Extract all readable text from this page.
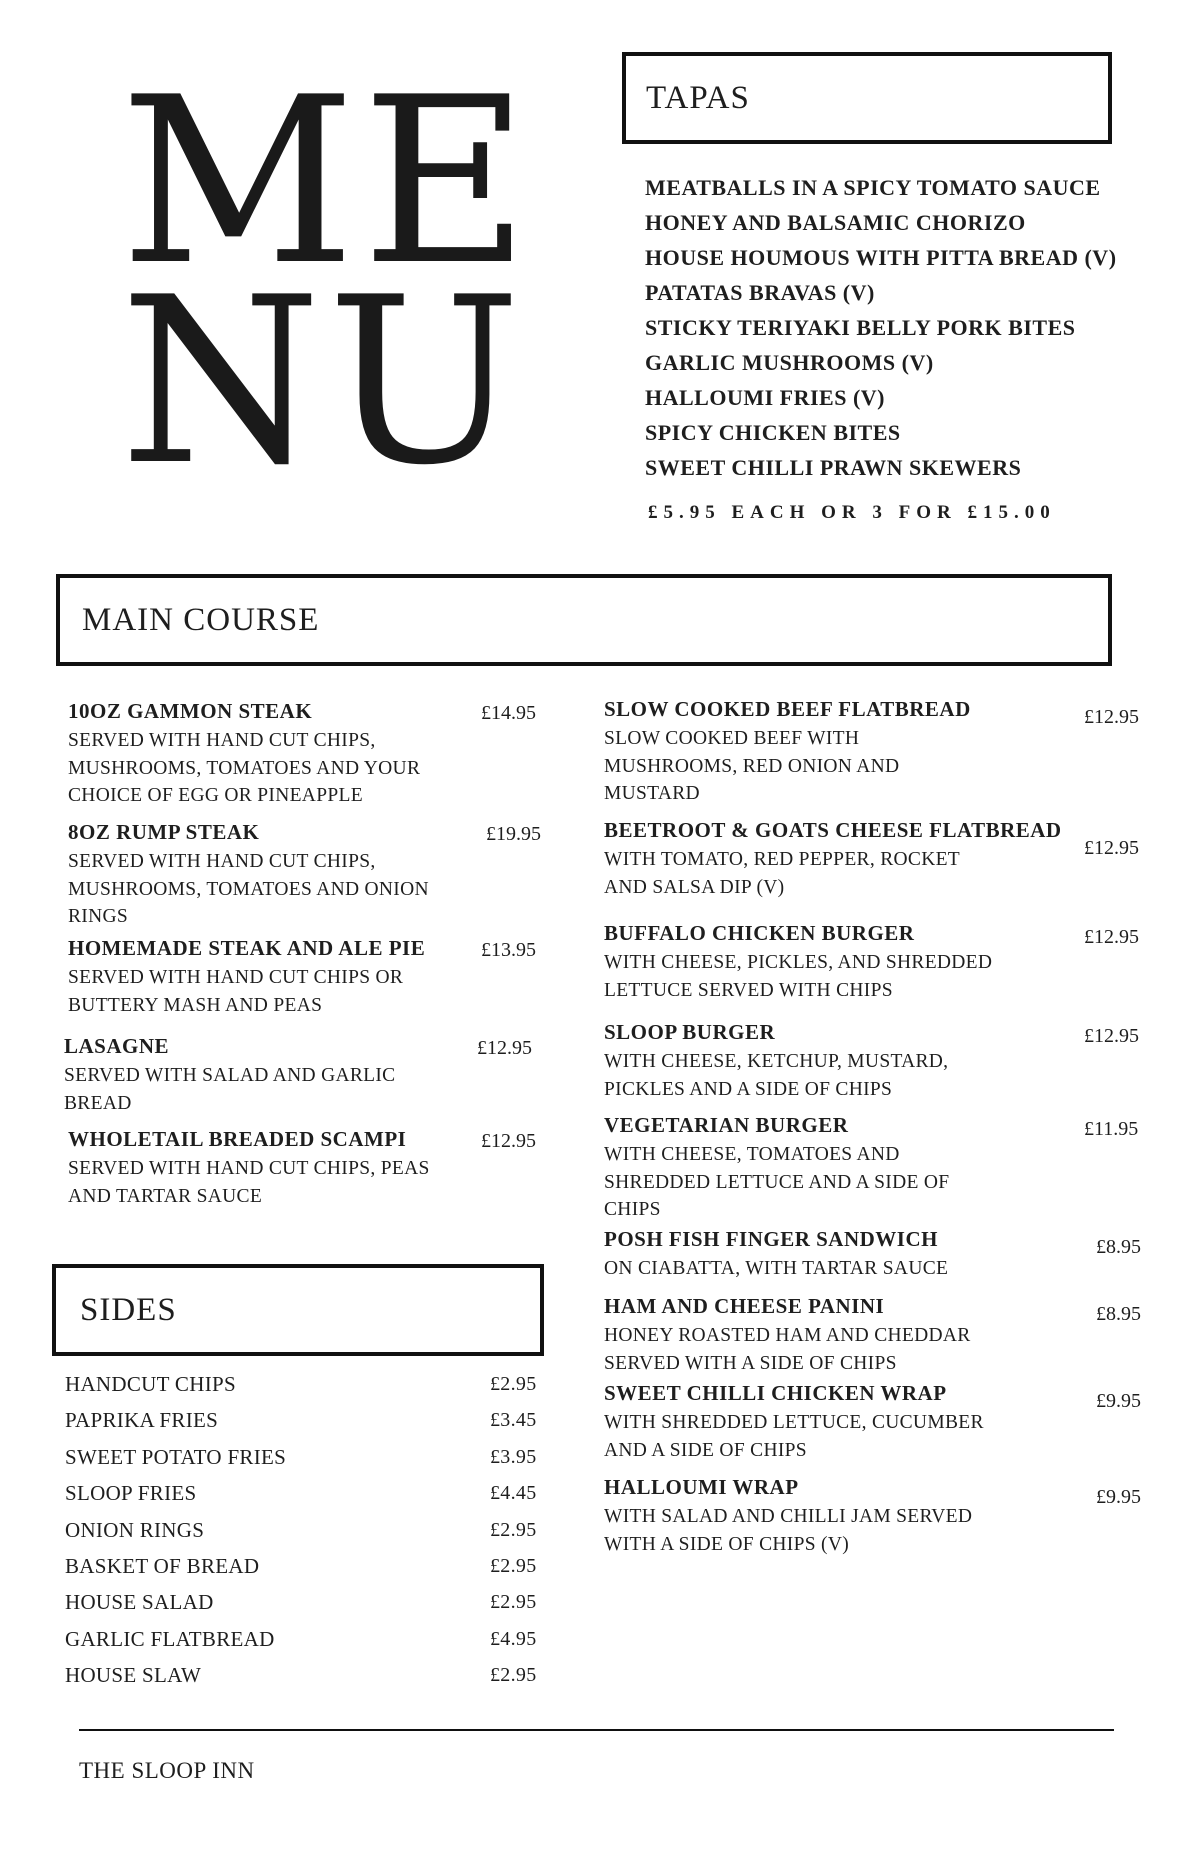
ME
NU
TAPAS
MEATBALLS IN A SPICY TOMATO SAUCE
HONEY AND BALSAMIC CHORIZO
HOUSE HOUMOUS WITH PITTA BREAD (V)
PATATAS BRAVAS (V)
STICKY TERIYAKI BELLY PORK BITES
GARLIC MUSHROOMS (V)
HALLOUMI FRIES (V)
SPICY CHICKEN BITES
SWEET CHILLI PRAWN SKEWERS
£5.95 EACH OR 3 FOR £15.00
MAIN COURSE
10OZ GAMMON STEAK
SERVED WITH HAND CUT CHIPS, MUSHROOMS, TOMATOES AND YOUR CHOICE OF EGG OR PINEAPPLE
£14.95
8OZ RUMP STEAK
SERVED WITH HAND CUT CHIPS, MUSHROOMS, TOMATOES AND ONION RINGS
£19.95
HOMEMADE STEAK AND ALE PIE
SERVED WITH HAND CUT CHIPS OR BUTTERY MASH AND PEAS
£13.95
LASAGNE
SERVED WITH SALAD AND GARLIC BREAD
£12.95
WHOLETAIL BREADED SCAMPI
SERVED WITH HAND CUT CHIPS, PEAS AND TARTAR SAUCE
£12.95
SLOW COOKED BEEF FLATBREAD
SLOW COOKED BEEF WITH MUSHROOMS, RED ONION AND MUSTARD
£12.95
BEETROOT & GOATS CHEESE FLATBREAD
WITH TOMATO, RED PEPPER, ROCKET AND SALSA DIP (V)
£12.95
BUFFALO CHICKEN BURGER
WITH CHEESE, PICKLES, AND SHREDDED LETTUCE SERVED WITH CHIPS
£12.95
SLOOP BURGER
WITH CHEESE, KETCHUP, MUSTARD, PICKLES AND A SIDE OF CHIPS
£12.95
VEGETARIAN BURGER
WITH CHEESE, TOMATOES AND SHREDDED LETTUCE AND A SIDE OF CHIPS
£11.95
POSH FISH FINGER SANDWICH
ON CIABATTA, WITH TARTAR SAUCE
£8.95
HAM AND CHEESE PANINI
HONEY ROASTED HAM AND CHEDDAR SERVED WITH A SIDE OF CHIPS
£8.95
SWEET CHILLI CHICKEN WRAP
WITH SHREDDED LETTUCE, CUCUMBER AND A SIDE OF CHIPS
£9.95
HALLOUMI WRAP
WITH SALAD AND CHILLI JAM SERVED WITH A SIDE OF CHIPS (V)
£9.95
SIDES
HANDCUT CHIPS	£2.95
PAPRIKA FRIES	£3.45
SWEET POTATO FRIES	£3.95
SLOOP FRIES	£4.45
ONION RINGS	£2.95
BASKET OF BREAD	£2.95
HOUSE SALAD	£2.95
GARLIC FLATBREAD	£4.95
HOUSE SLAW	£2.95
THE SLOOP INN
